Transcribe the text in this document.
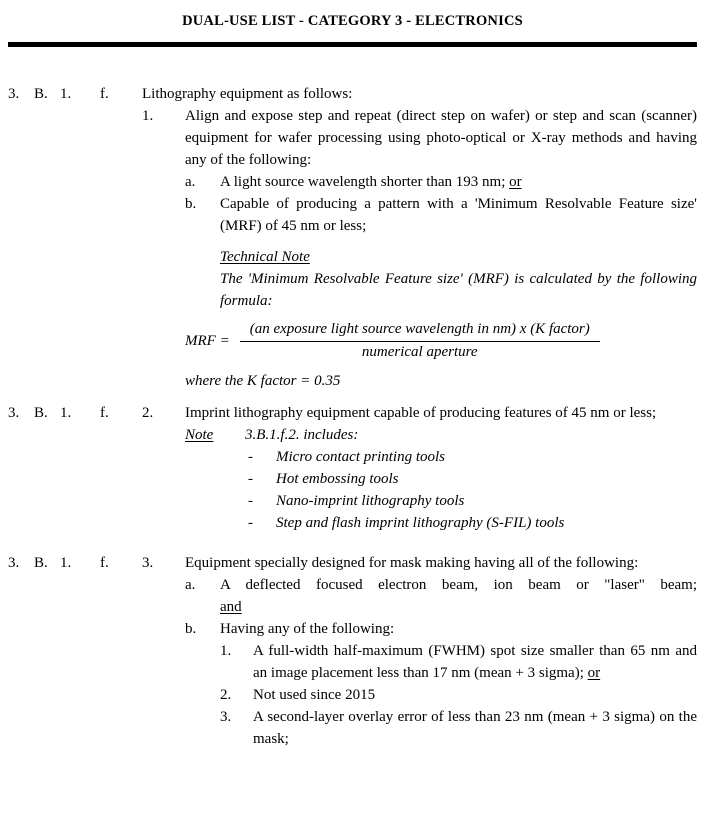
DUAL-USE LIST - CATEGORY 3 - ELECTRONICS
3. B. 1.	f.	Lithography equipment as follows:

1.	Align and expose step and repeat (direct step on wafer) or step and scan (scanner) equipment for wafer processing using photo-optical or X-ray methods and having any of the following:

a.	A light source wavelength shorter than 193 nm; or
b.	Capable of producing a pattern with a 'Minimum Resolvable Feature size' (MRF) of 45 nm or less;

Technical Note

The 'Minimum Resolvable Feature size' (MRF) is calculated by the following formula:

MRF = $\frac{\text{(an exposure light source wavelength in nm) x (K factor)}}{\text{numerical aperture}}$

where the K factor = 0.35

3. B. 1.	f.	2.	Imprint lithography equipment capable of producing features of 45 nm or less;

Note	3.B.1.f.2. includes:

-	Micro contact printing tools
-	Hot embossing tools
-	Nano-imprint lithography tools
-	Step and flash imprint lithography (S-FIL) tools
3. B. 1.	f.	3.	Equipment specially designed for mask making having all of the following:

a.	A deflected focused electron beam, ion beam or "laser" beam;
and
b.	Having any of the following:

1.	A full-width half-maximum (FWHM) spot size smaller than 65 nm and an image placement less than 17 nm (mean + 3 sigma); or
2.	Not used since 2015
3.	A second-layer overlay error of less than 23 nm (mean + 3 sigma) on the mask;
